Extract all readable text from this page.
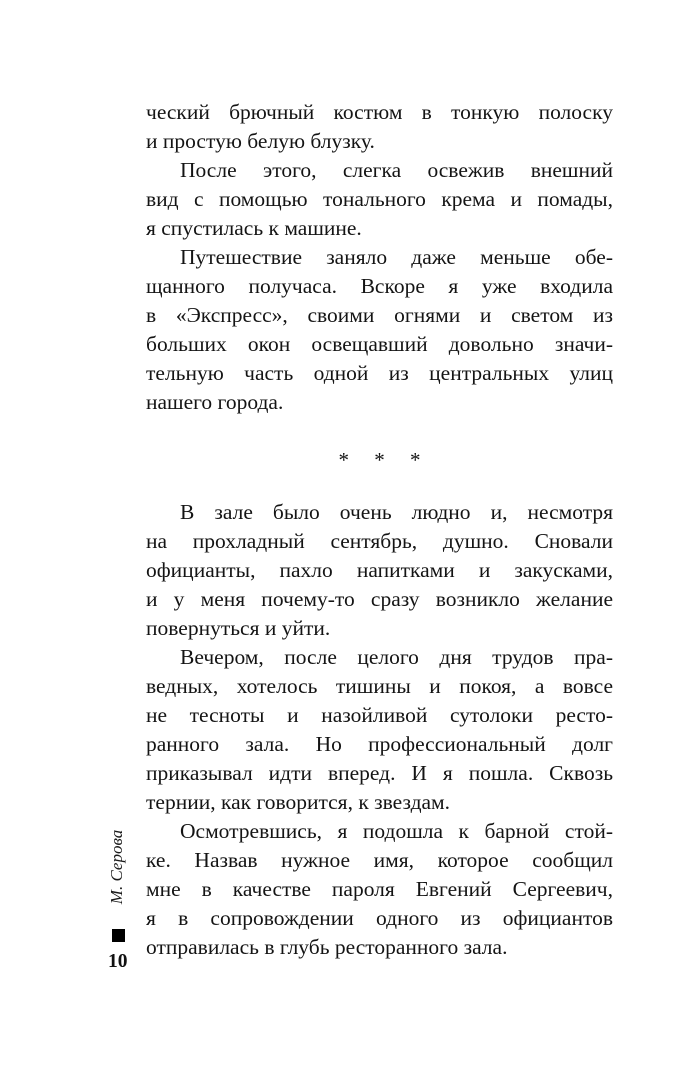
ческий брючный костюм в тонкую полоску
и простую белую блузку.
После этого, слегка освежив внешний
вид с помощью тонального крема и помады,
я спустилась к машине.
Путешествие заняло даже меньше обе-
щанного получаса. Вскоре я уже входила
в «Экспресс», своими огнями и светом из
больших окон освещавший довольно значи-
тельную часть одной из центральных улиц
нашего города.
* * *
В зале было очень людно и, несмотря
на прохладный сентябрь, душно. Сновали
официанты, пахло напитками и закусками,
и у меня почему-то сразу возникло желание
повернуться и уйти.
Вечером, после целого дня трудов пра-
ведных, хотелось тишины и покоя, а вовсе
не тесноты и назойливой сутолоки ресто-
ранного зала. Но профессиональный долг
приказывал идти вперед. И я пошла. Сквозь
тернии, как говорится, к звездам.
Осмотревшись, я подошла к барной стой-
ке. Назвав нужное имя, которое сообщил
мне в качестве пароля Евгений Сергеевич,
я в сопровождении одного из официантов
отправилась в глубь ресторанного зала.
М. Серова
10
